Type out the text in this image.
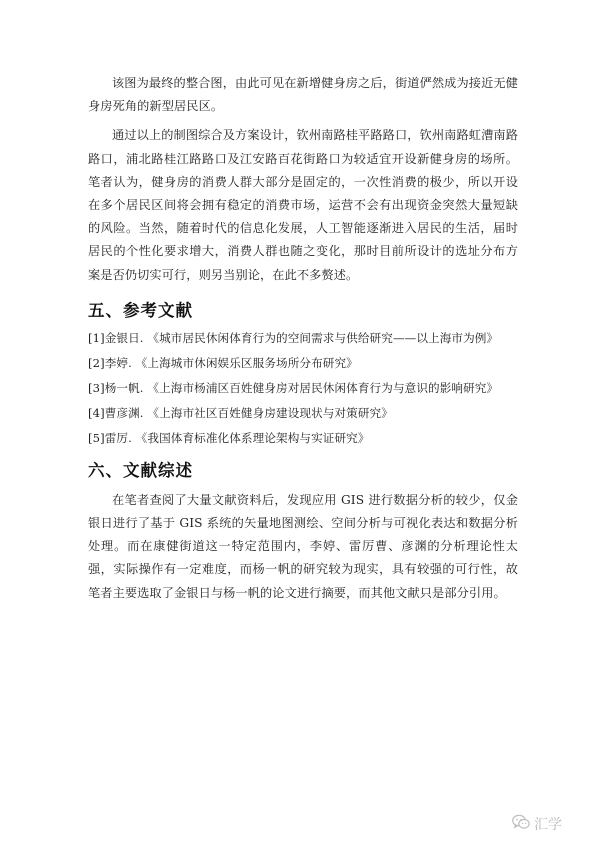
该图为最终的整合图，由此可见在新增健身房之后，街道俨然成为接近无健身房死角的新型居民区。

通过以上的制图综合及方案设计，钦州南路桂平路路口，钦州南路虹漕南路路口，浦北路桂江路路口及江安路百花街路口为较适宜开设新健身房的场所。笔者认为，健身房的消费人群大部分是固定的，一次性消费的极少，所以开设在多个居民区间将会拥有稳定的消费市场，运营不会有出现资金突然大量短缺的风险。当然，随着时代的信息化发展，人工智能逐渐进入居民的生活，届时居民的个性化要求增大，消费人群也随之变化，那时目前所设计的选址分布方案是否仍切实可行，则另当别论，在此不多赘述。

五、参考文献
[1]金银日. 《城市居民休闲体育行为的空间需求与供给研究——以上海市为例》
[2]李婷. 《上海城市休闲娱乐区服务场所分布研究》
[3]杨一帆. 《上海市杨浦区百姓健身房对居民休闲体育行为与意识的影响研究》
[4]曹彦渊. 《上海市社区百姓健身房建设现状与对策研究》
[5]雷厉. 《我国体育标准化体系理论架构与实证研究》
六、文献综述

在笔者查阅了大量文献资料后，发现应用 GIS 进行数据分析的较少，仅金银日进行了基于 GIS 系统的矢量地图测绘、空间分析与可视化表达和数据分析处理。而在康健街道这一特定范围内，李婷、雷厉曹、彦渊的分析理论性太强，实际操作有一定难度，而杨一帆的研究较为现实，具有较强的可行性，故笔者主要选取了金银日与杨一帆的论文进行摘要，而其他文献只是部分引用。

汇学
